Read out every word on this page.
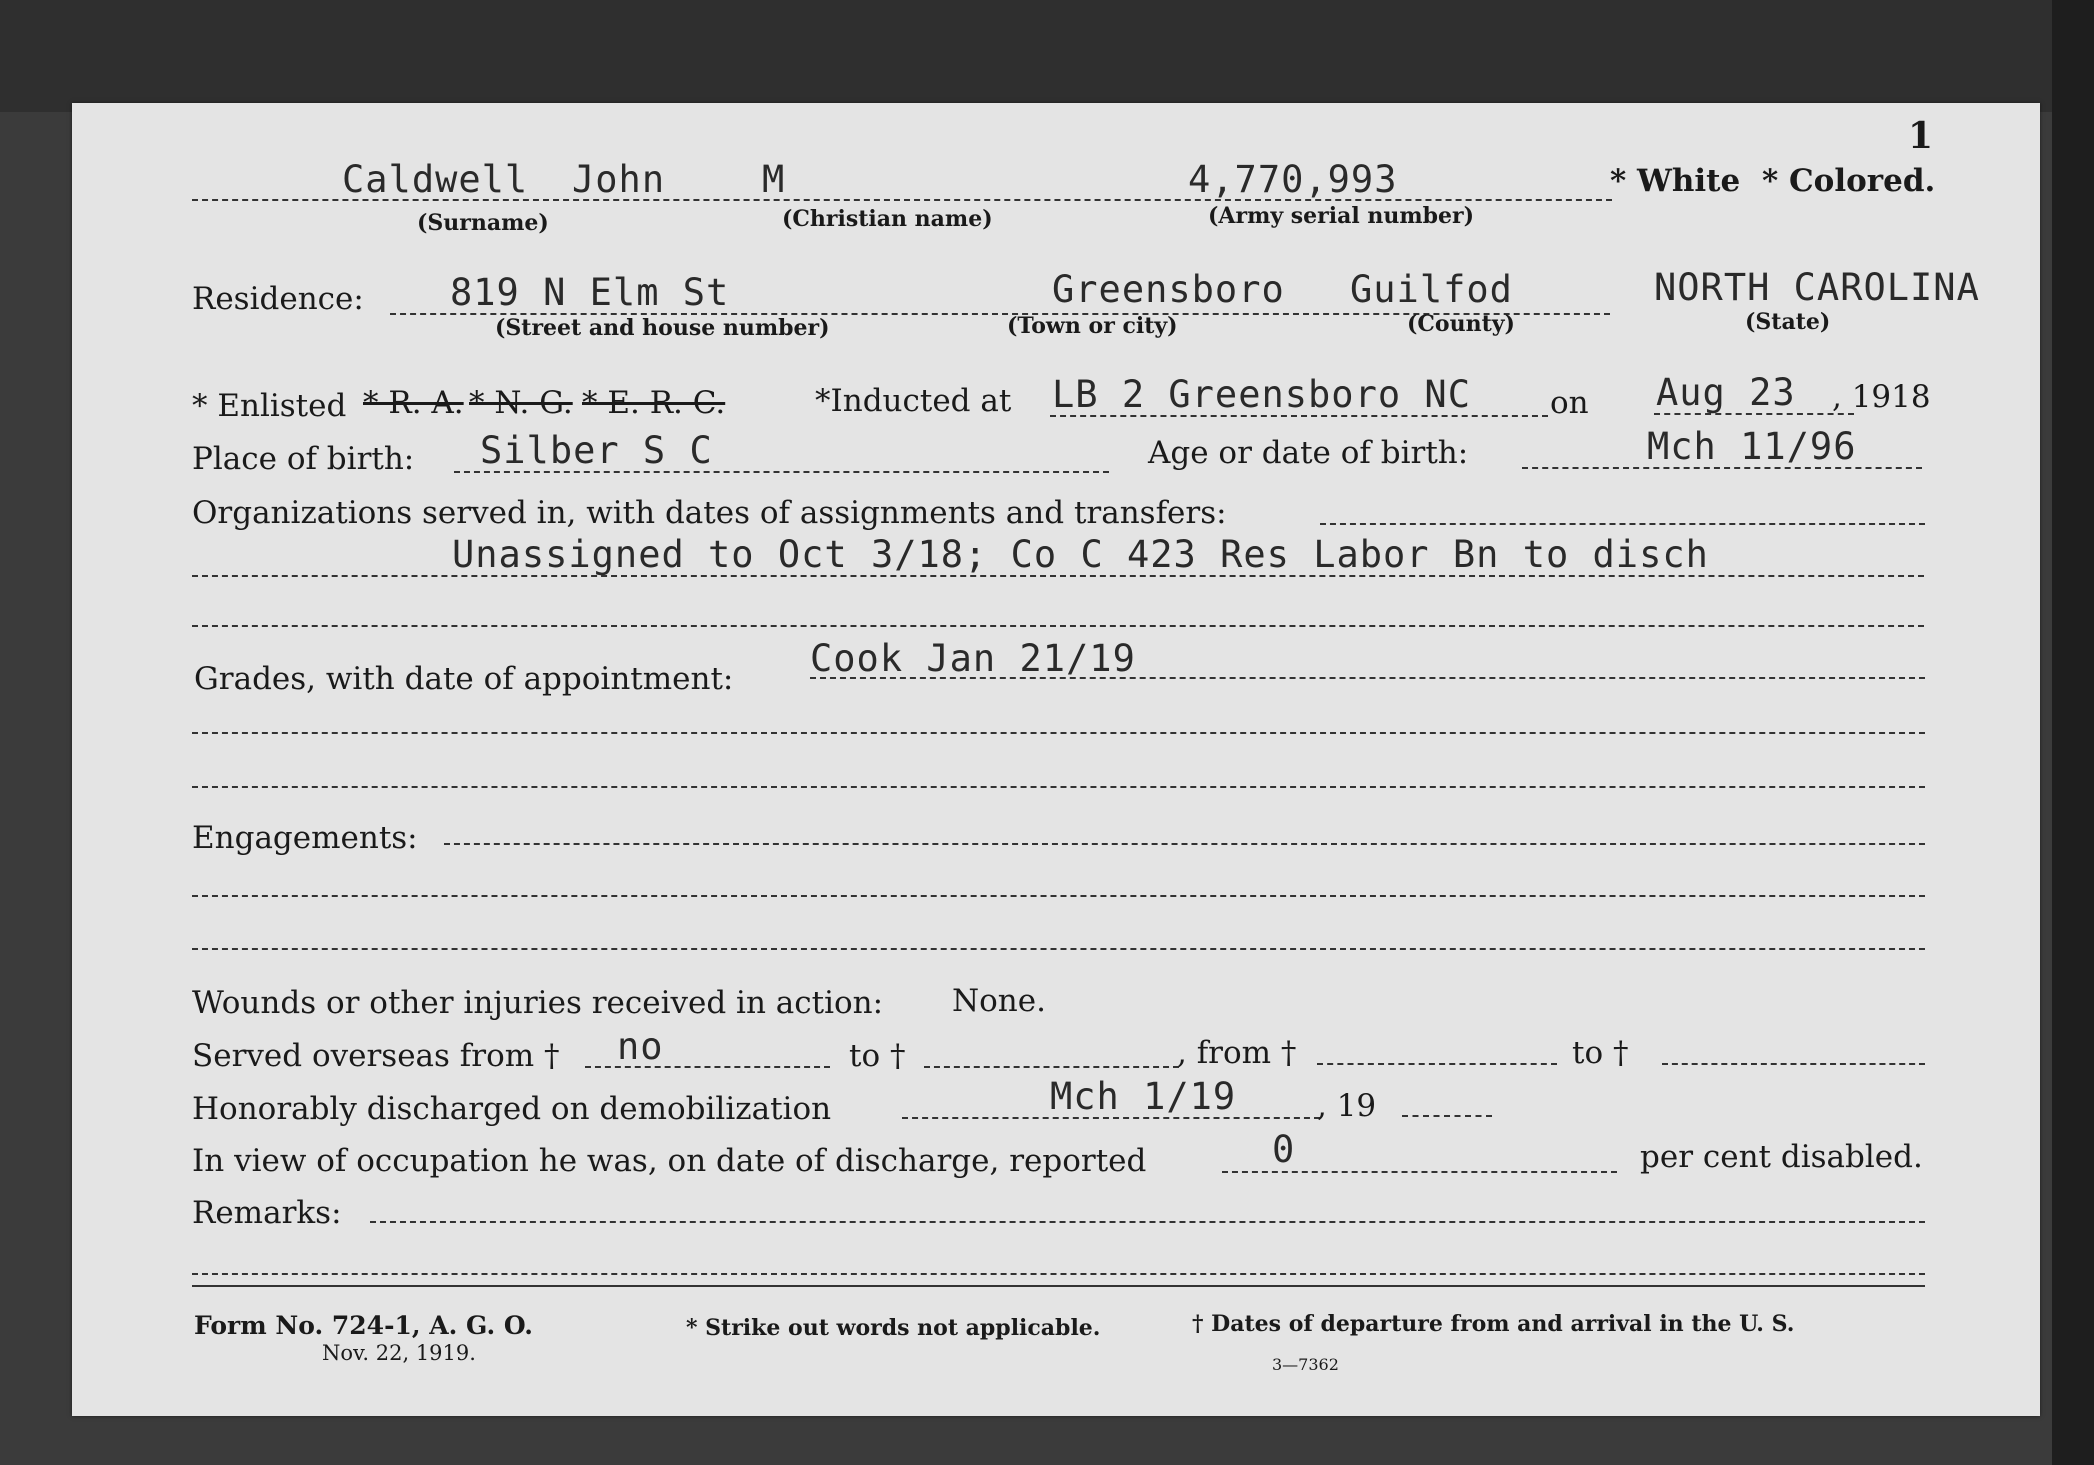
1
Caldwell John	M	4,770,993	* White * Colored.
(Surname)	(Christian name)	(Army serial number)
Residence: 819 N Elm St	Greensboro Guilfod	NORTH CAROLINA
(Street and house number)	(Town or city)	(County)	(State)
* Enlisted * R. A. * N. G. * E. R. C.	*Inducted at LB 2 Greensboro NC	on Aug 23 , 1918
Place of birth: Silber S C	Age or date of birth:	Mch 11/96
Organizations served in, with dates of assignments and transfers:
Unassigned to Oct 3/18; Co C 423 Res Labor Bn to disch
Grades, with date of appointment: Cook Jan 21/19
Engagements:
Wounds or other injuries received in action: None.
Served overseas from † no	to †	, from †	to †
Honorably discharged on demobilization	Mch 1/19	, 19
In view of occupation he was, on date of discharge, reported	0	per cent disabled.
Remarks:
Form No. 724-1, A. G. O.
Nov. 22, 1919.
* Strike out words not applicable.	† Dates of departure from and arrival in the U. S.
3—7362
